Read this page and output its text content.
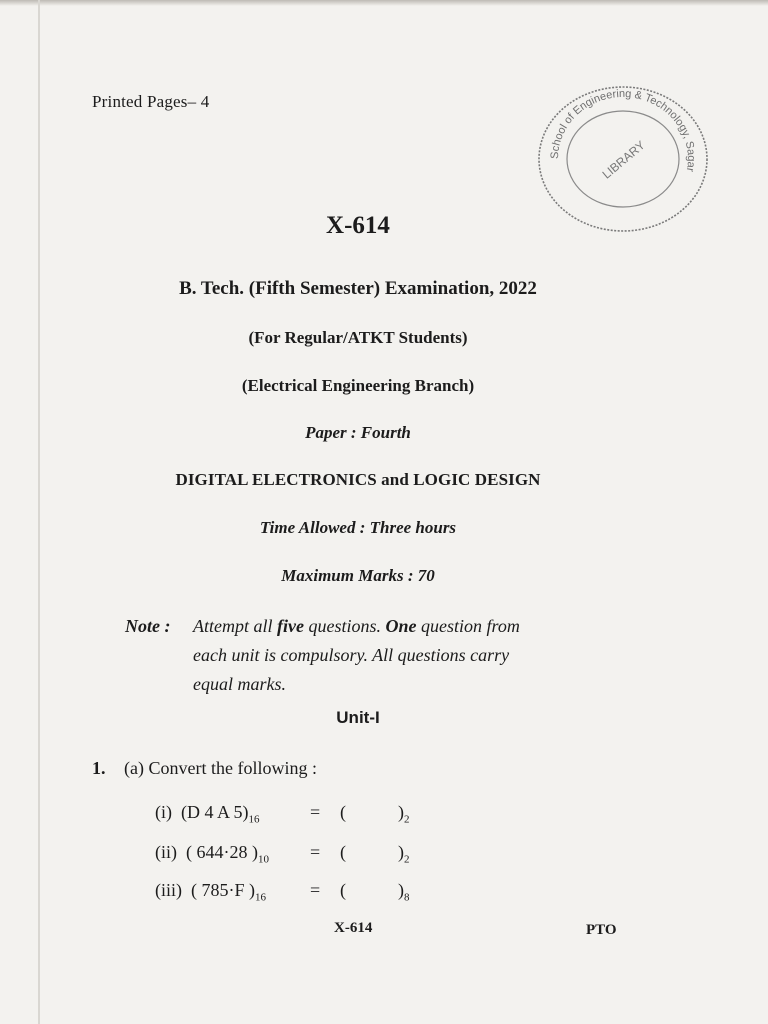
Printed Pages– 4
School of Engineering & Technology, Sagar
LIBRARY
X-614
B. Tech. (Fifth Semester) Examination, 2022
(For Regular/ATKT Students)
(Electrical Engineering Branch)
Paper : Fourth
DIGITAL ELECTRONICS and LOGIC DESIGN
Time Allowed : Three hours
Maximum Marks : 70
Note : Attempt all five questions. One question from
each unit is compulsory. All questions carry
equal marks.
Unit-I
1. (a) Convert the following :
(i) (D 4 A $5)_{16}$	= (	)$_2$
(ii) ( 644·28 )$_{10}$ = (	)$_2$
(iii) ( 785·F )$_{16}$ = (	)$_8$
X-614	PTO
